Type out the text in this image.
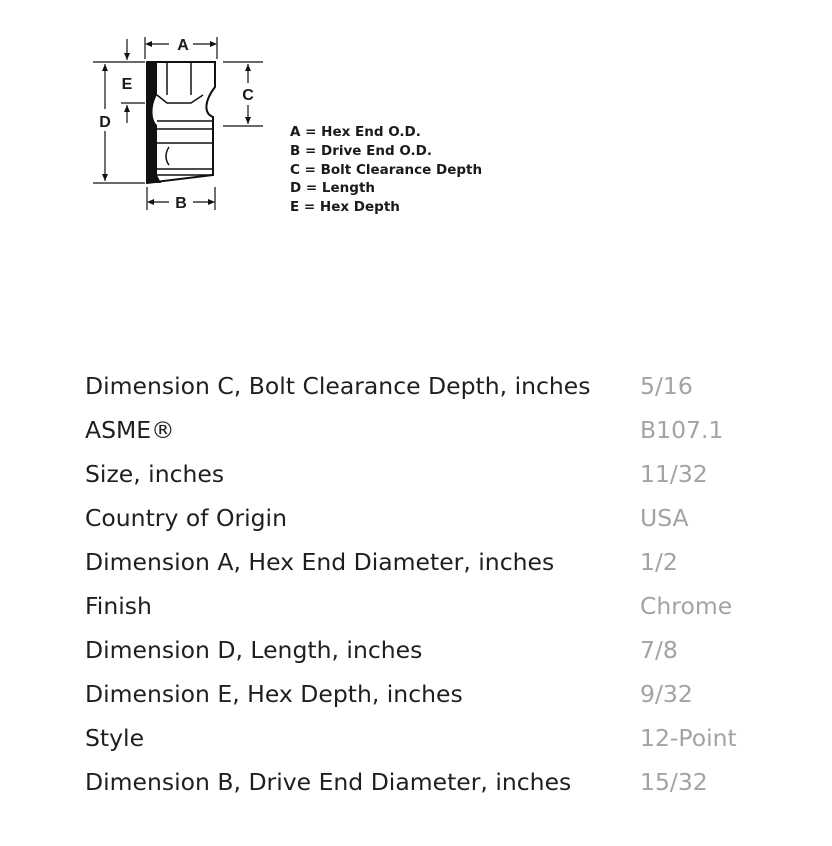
A
B
C
E
D
A = Hex End O.D.
B = Drive End O.D.
C = Bolt Clearance Depth
D = Length
E = Hex Depth
Dimension C, Bolt Clearance Depth, inches	5/16
ASME®	B107.1
Size, inches	11/32
Country of Origin	USA
Dimension A, Hex End Diameter, inches	1/2
Finish	Chrome
Dimension D, Length, inches	7/8
Dimension E, Hex Depth, inches	9/32
Style	12-Point
Dimension B, Drive End Diameter, inches	15/32
